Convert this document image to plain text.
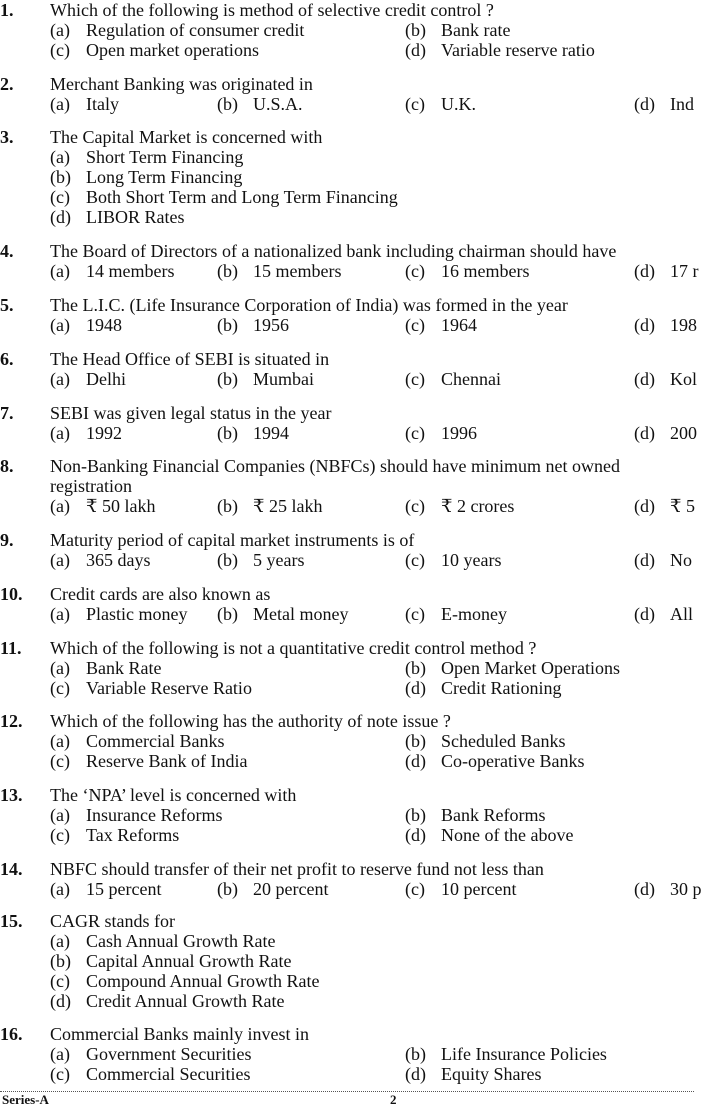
1. Which of the following is method of selective credit control ?
(a) Regulation of consumer credit	(b) Bank rate
(c) Open market operations	(d) Variable reserve ratio
2. Merchant Banking was originated in
(a) Italy	(b) U.S.A.	(c) U.K.	(d) Ind
3. The Capital Market is concerned with
(a) Short Term Financing
(b) Long Term Financing
(c) Both Short Term and Long Term Financing
(d) LIBOR Rates
4. The Board of Directors of a nationalized bank including chairman should have
(a) 14 members (b) 15 members	(c) 16 members	(d) 17 r
5. The L.I.C. (Life Insurance Corporation of India) was formed in the year
(a) 1948	(b) 1956	(c) 1964	(d) 198
6. The Head Office of SEBI is situated in
(a) Delhi	(b) Mumbai	(c) Chennai	(d) Kol
7. SEBI was given legal status in the year
(a) 1992	(b) 1994	(c) 1996	(d) 200
8. Non-Banking Financial Companies (NBFCs) should have minimum net owned
registration
(a) ₹ 50 lakh	(b) ₹ 25 lakh	(c) ₹ 2 crores	(d) ₹ 5
9. Maturity period of capital market instruments is of
(a) 365 days	(b) 5 years	(c) 10 years	(d) No
10. Credit cards are also known as
(a) Plastic money (b) Metal money	(c) E-money	(d) All
11. Which of the following is not a quantitative credit control method ?
(a) Bank Rate	(b) Open Market Operations
(c) Variable Reserve Ratio	(d) Credit Rationing
12. Which of the following has the authority of note issue ?
(a) Commercial Banks	(b) Scheduled Banks
(c) Reserve Bank of India	(d) Co-operative Banks
13. The ‘NPA’ level is concerned with
(a) Insurance Reforms	(b) Bank Reforms
(c) Tax Reforms	(d) None of the above
14. NBFC should transfer of their net profit to reserve fund not less than
(a) 15 percent	(b) 20 percent	(c) 10 percent	(d) 30 p
15. CAGR stands for
(a) Cash Annual Growth Rate
(b) Capital Annual Growth Rate
(c) Compound Annual Growth Rate
(d) Credit Annual Growth Rate
16. Commercial Banks mainly invest in
(a) Government Securities	(b) Life Insurance Policies
(c) Commercial Securities	(d) Equity Shares
Series-A	2
